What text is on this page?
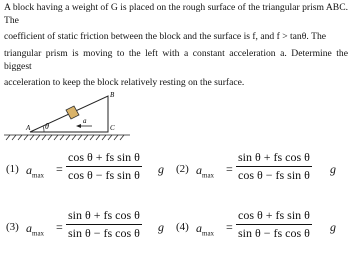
A block having a weight of G is placed on the rough surface of the triangular prism ABC. The

coefficient of static friction between the block and the surface is f, and f > tanθ. The

triangular prism is moving to the left with a constant acceleration a. Determine the biggest

acceleration to keep the block relatively resting on the surface.

θ
a
B
C
A
(1) $a_{max}$ =
cos θ + fs sin θ
cos θ − fs sin θ g (2) $a_{max}$ =
sin θ + fs cos θ
cos θ − fs sin θ g
(3) $a_{max}$ =
sin θ + fs cos θ
sin θ − fs cos θ g (4) $a_{max}$ =
cos θ + fs sin θ
sin θ − fs cos θ g
